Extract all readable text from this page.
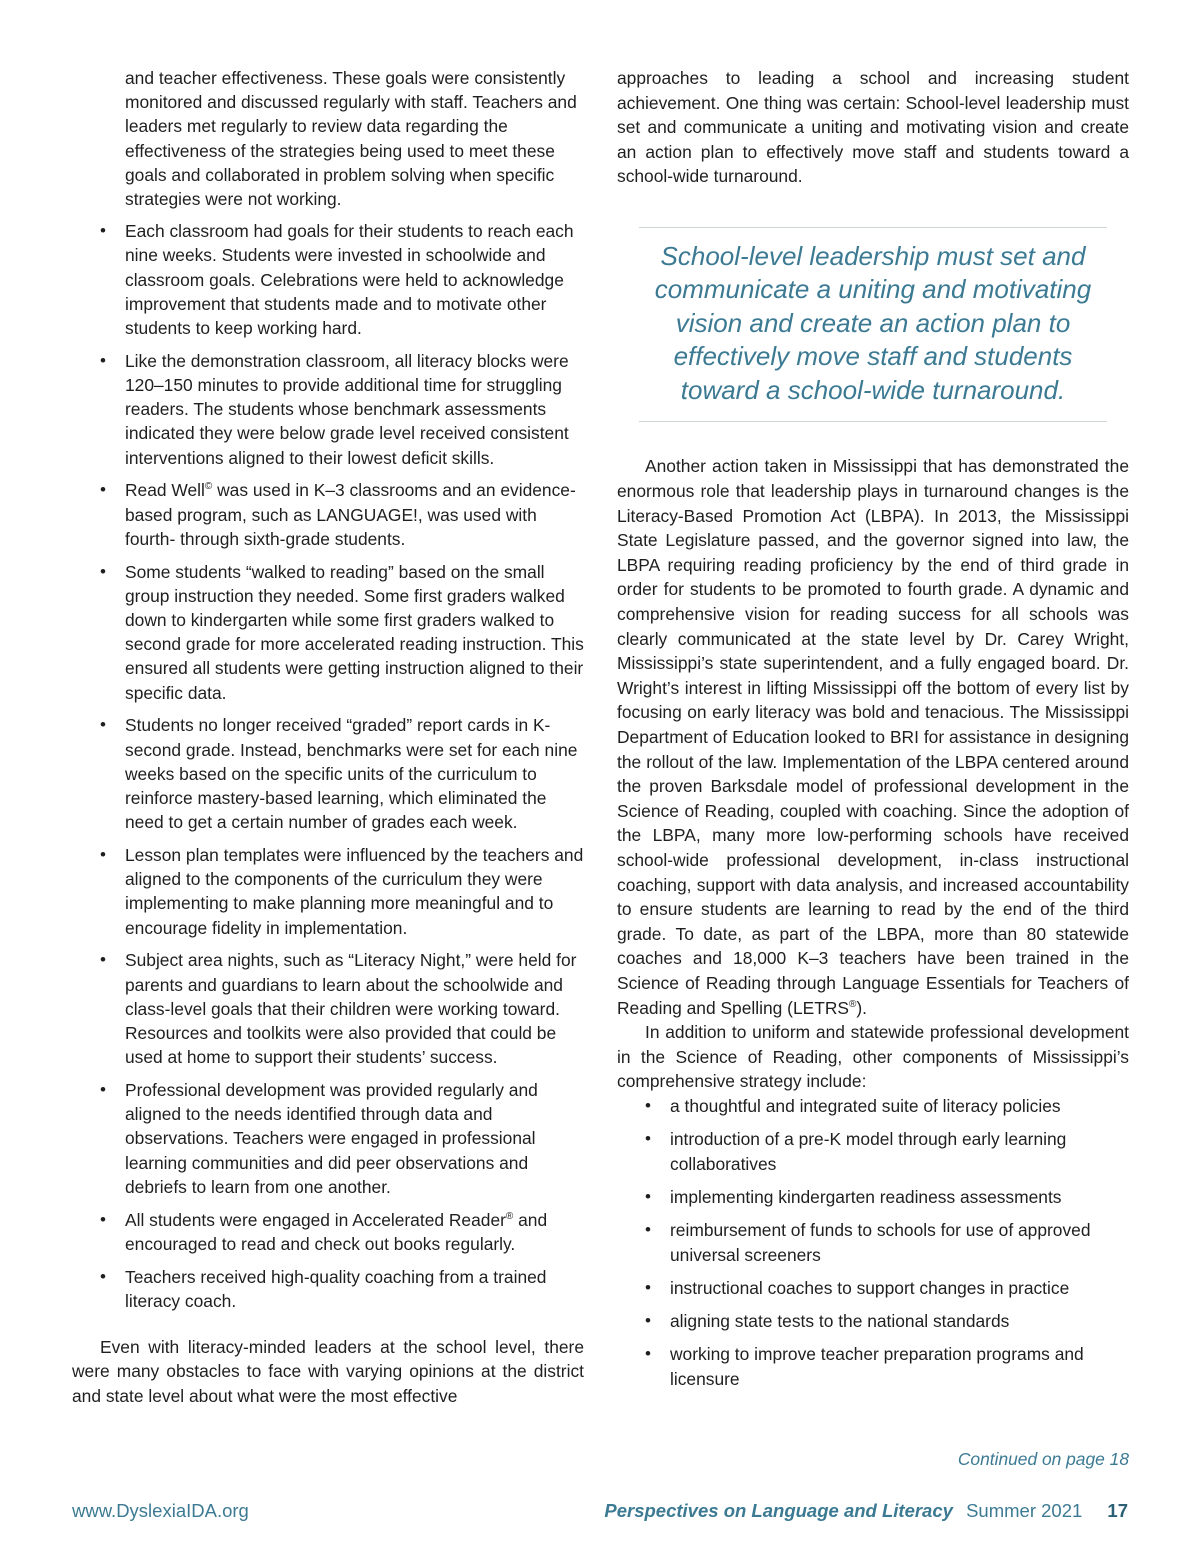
and teacher effectiveness. These goals were consistently monitored and discussed regularly with staff. Teachers and leaders met regularly to review data regarding the effectiveness of the strategies being used to meet these goals and collaborated in problem solving when specific strategies were not working.

• Each classroom had goals for their students to reach each nine weeks. Students were invested in schoolwide and classroom goals. Celebrations were held to acknowledge improvement that students made and to motivate other students to keep working hard.
• Like the demonstration classroom, all literacy blocks were 120–150 minutes to provide additional time for struggling readers. The students whose benchmark assessments indicated they were below grade level received consistent interventions aligned to their lowest deficit skills.
• Read Well© was used in K–3 classrooms and an evidence-based program, such as LANGUAGE!, was used with fourth- through sixth-grade students.
• Some students “walked to reading” based on the small group instruction they needed. Some first graders walked down to kindergarten while some first graders walked to second grade for more accelerated reading instruction. This ensured all students were getting instruction aligned to their specific data.
• Students no longer received “graded” report cards in K-second grade. Instead, benchmarks were set for each nine weeks based on the specific units of the curriculum to reinforce mastery-based learning, which eliminated the need to get a certain number of grades each week.
• Lesson plan templates were influenced by the teachers and aligned to the components of the curriculum they were implementing to make planning more meaningful and to encourage fidelity in implementation.
• Subject area nights, such as “Literacy Night,” were held for parents and guardians to learn about the schoolwide and class-level goals that their children were working toward. Resources and toolkits were also provided that could be used at home to support their students’ success.
• Professional development was provided regularly and aligned to the needs identified through data and observations. Teachers were engaged in professional learning communities and did peer observations and debriefs to learn from one another.
• All students were engaged in Accelerated Reader® and encouraged to read and check out books regularly.
• Teachers received high-quality coaching from a trained literacy coach.

Even with literacy-minded leaders at the school level, there were many obstacles to face with varying opinions at the district and state level about what were the most effective

approaches to leading a school and increasing student achievement. One thing was certain: School-level leadership must set and communicate a uniting and motivating vision and create an action plan to effectively move staff and students toward a school-wide turnaround.

School-level leadership must set and communicate a uniting and motivating vision and create an action plan to effectively move staff and students toward a school-wide turnaround.

Another action taken in Mississippi that has demonstrated the enormous role that leadership plays in turnaround changes is the Literacy-Based Promotion Act (LBPA). In 2013, the Mississippi State Legislature passed, and the governor signed into law, the LBPA requiring reading proficiency by the end of third grade in order for students to be promoted to fourth grade. A dynamic and comprehensive vision for reading success for all schools was clearly communicated at the state level by Dr. Carey Wright, Mississippi’s state superintendent, and a fully engaged board. Dr. Wright’s interest in lifting Mississippi off the bottom of every list by focusing on early literacy was bold and tenacious. The Mississippi Department of Education looked to BRI for assistance in designing the rollout of the law. Implementation of the LBPA centered around the proven Barksdale model of professional development in the Science of Reading, coupled with coaching. Since the adoption of the LBPA, many more low-performing schools have received school-wide professional development, in-class instructional coaching, support with data analysis, and increased accountability to ensure students are learning to read by the end of the third grade. To date, as part of the LBPA, more than 80 statewide coaches and 18,000 K–3 teachers have been trained in the Science of Reading through Language Essentials for Teachers of Reading and Spelling (LETRS®).

In addition to uniform and statewide professional development in the Science of Reading, other components of Mississippi’s comprehensive strategy include:

• a thoughtful and integrated suite of literacy policies
• introduction of a pre-K model through early learning collaboratives
• implementing kindergarten readiness assessments
• reimbursement of funds to schools for use of approved universal screeners
• instructional coaches to support changes in practice
• aligning state tests to the national standards
• working to improve teacher preparation programs and licensure
Continued on page 18
www.DyslexiaIDA.org	Perspectives on Language and Literacy Summer 2021 17
